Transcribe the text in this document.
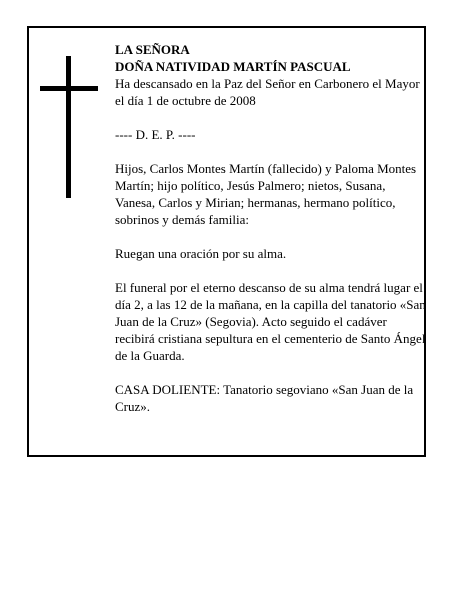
LA SEÑORA

DOÑA NATIVIDAD MARTÍN PASCUAL

Ha descansado en la Paz del Señor en Carbonero el Mayor el día 1 de octubre de 2008

---- D. E. P. ----

Hijos, Carlos Montes Martín (fallecido) y Paloma Montes Martín; hijo político, Jesús Palmero; nietos, Susana, Vanesa, Carlos y Mirian; hermanas, hermano político, sobrinos y demás familia:

Ruegan una oración por su alma.

El funeral por el eterno descanso de su alma tendrá lugar el día 2, a las 12 de la mañana, en la capilla del tanatorio «San Juan de la Cruz» (Segovia). Acto seguido el cadáver recibirá cristiana sepultura en el cementerio de Santo Ángel de la Guarda.

CASA DOLIENTE: Tanatorio segoviano «San Juan de la Cruz».
